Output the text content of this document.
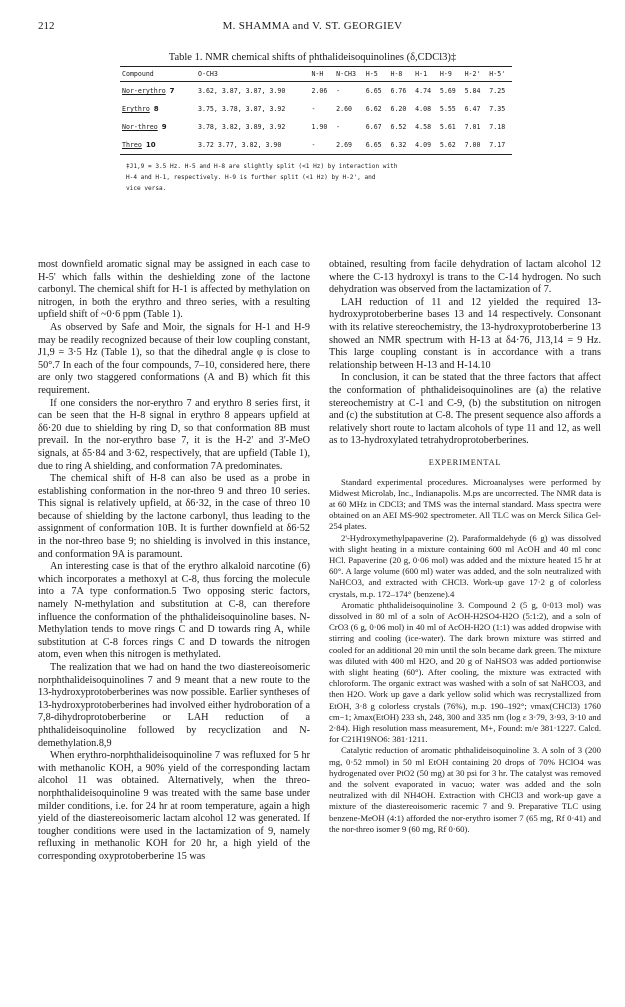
212	M. SHAMMA and V. ST. GEORGIEV
Table 1. NMR chemical shifts of phthalideisoquinolines (δ,CDCl3)‡
Compound	O-CH3	N-H	N-CH3	H-5	H-8	H-1	H-9	H-2'	H-5'
Nor-erythro 7	3.62, 3.87, 3.87, 3.90	2.06	-	6.65	6.76	4.74	5.69	5.84	7.25
Erythro 8	3.75, 3.78, 3.87, 3.92	-	2.60	6.62	6.20	4.08	5.55	6.47	7.35
Nor-threo 9	3.78, 3.82, 3.89, 3.92	1.90	-	6.67	6.52	4.58	5.61	7.01	7.18
Threo 10	3.72 3.77, 3.82, 3.90	-	2.69	6.65	6.32	4.09	5.62	7.00	7.17
‡J1,9 = 3.5 Hz. H-5 and H-8 are slightly split (<1 Hz) by interaction with
H-4 and H-1, respectively. H-9 is further split (<1 Hz) by H-2', and
vice versa.

most downfield aromatic signal may be assigned in each case to H-5' which falls within the deshielding zone of the lactone carbonyl. The chemical shift for H-1 is affected by methylation on nitrogen, in both the erythro and threo series, with a resulting upfield shift of ~0·6 ppm (Table 1).

As observed by Safe and Moir, the signals for H-1 and H-9 may be readily recognized because of their low coupling constant, J1,9 = 3·5 Hz (Table 1), so that the dihedral angle φ is close to 50°.7 In each of the four compounds, 7–10, considered here, there are only two staggered conformations (A and B) which fit this requirement.

If one considers the nor-erythro 7 and erythro 8 series first, it can be seen that the H-8 signal in erythro 8 appears upfield at δ6·20 due to shielding by ring D, so that conformation 8B must prevail. In the nor-erythro base 7, it is the H-2' and 3'-MeO signals, at δ5·84 and 3·62, respectively, that are upfield (Table 1), due to ring A shielding, and conformation 7A predominates.

The chemical shift of H-8 can also be used as a probe in establishing conformation in the nor-threo 9 and threo 10 series. This signal is relatively upfield, at δ6·32, in the case of threo 10 because of shielding by the lactone carbonyl, thus leading to the assignment of conformation 10B. It is further downfield at δ6·52 in the nor-threo base 9; no shielding is involved in this instance, and conformation 9A is paramount.

An interesting case is that of the erythro alkaloid narcotine (6) which incorporates a methoxyl at C-8, thus forcing the molecule into a 7A type conformation.5 Two opposing steric factors, namely N-methylation and substitution at C-8, can therefore influence the conformation of the phthalideisoquinoline bases. N-Methylation tends to move rings C and D towards ring A, while substitution at C-8 forces rings C and D towards the nitrogen atom, even when this nitrogen is methylated.

The realization that we had on hand the two diastereoisomeric norphthalideisoquinolines 7 and 9 meant that a new route to the 13-hydroxyprotoberberines was now possible. Earlier syntheses of 13-hydroxyprotoberberines had involved either hydroboration of a 7,8-dihydroprotoberberine or LAH reduction of a phthalideisoquinoline followed by recyclization and N-demethylation.8,9

When erythro-norphthalideisoquinoline 7 was refluxed for 5 hr with methanolic KOH, a 90% yield of the corresponding lactam alcohol 11 was obtained. Alternatively, when the threo-norphthalideisoquinoline 9 was treated with the same base under milder conditions, i.e. for 24 hr at room temperature, again a high yield of the diastereoisomeric lactam alcohol 12 was generated. If tougher conditions were used in the lactamization of 9, namely refluxing in methanolic KOH for 20 hr, a high yield of the corresponding oxyprotoberberine 15 was

obtained, resulting from facile dehydration of lactam alcohol 12 where the C-13 hydroxyl is trans to the C-14 hydrogen. No such dehydration was observed from the lactamization of 7.

LAH reduction of 11 and 12 yielded the required 13-hydroxyprotoberberine bases 13 and 14 respectively. Consonant with its relative stereochemistry, the 13-hydroxyprotoberberine 13 showed an NMR spectrum with H-13 at δ4·76, J13,14 = 9 Hz. This large coupling constant is in accordance with a trans relationship between H-13 and H-14.10

In conclusion, it can be stated that the three factors that affect the conformation of phthalideisoquinolines are (a) the relative stereochemistry at C-1 and C-9, (b) the substitution on nitrogen and (c) the substitution at C-8. The present sequence also affords a relatively short route to lactam alcohols of type 11 and 12, as well as to 13-hydroxylated tetrahydroprotoberberines.

EXPERIMENTAL

Standard experimental procedures. Microanalyses were performed by Midwest Microlab, Inc., Indianapolis. M.ps are uncorrected. The NMR data is at 60 MHz in CDCl3; and TMS was the internal standard. Mass spectra were obtained on an AEI MS-902 spectrometer. All TLC was on Merck Silica Gel-254 plates.

2'-Hydroxymethylpapaverine (2). Paraformaldehyde (6 g) was dissolved with slight heating in a mixture containing 600 ml AcOH and 40 ml conc HCl. Papaverine (20 g, 0·06 mol) was added and the mixture heated 15 hr at 60°. A large volume (600 ml) water was added, and the soln neutralized with NaHCO3, and extracted with CHCl3. Work-up gave 17·2 g of colorless crystals, m.p. 172–174° (benzene).4

Aromatic phthalideisoquinoline 3. Compound 2 (5 g, 0·013 mol) was dissolved in 80 ml of a soln of AcOH-H2SO4-H2O (5:1:2), and a soln of CrO3 (6 g, 0·06 mol) in 40 ml of AcOH-H2O (1:1) was added dropwise with stirring and cooling (ice-water). The dark brown mixture was stirred and cooled for an additional 20 min until the soln became dark green. The mixture was diluted with 400 ml H2O, and 20 g of NaHSO3 was added portionwise with slight heating (60°). After cooling, the mixture was extracted with chloroform. The organic extract was washed with a soln of sat NaHCO3, and then H2O. Work up gave a dark yellow solid which was recrystallized from EtOH, 3·8 g colorless crystals (76%), m.p. 190–192°; νmax(CHCl3) 1760 cm−1; λmax(EtOH) 233 sh, 248, 300 and 335 nm (log ε 3·79, 3·93, 3·10 and 2·84). High resolution mass measurement, M+, Found: m/e 381·1227. Calcd. for C21H19NO6: 381·1211.

Catalytic reduction of aromatic phthalideisoquinoline 3. A soln of 3 (200 mg, 0·52 mmol) in 50 ml EtOH containing 20 drops of 70% HClO4 was hydrogenated over PtO2 (50 mg) at 30 psi for 3 hr. The catalyst was removed and the solvent evaporated in vacuo; water was added and the soln neutralized with dil NH4OH. Extraction with CHCl3 and work-up gave a mixture of the diastereoisomeric racemic 7 and 9. Preparative TLC using benzene-MeOH (4:1) afforded the nor-erythro isomer 7 (65 mg, Rf 0·41) and the nor-threo isomer 9 (60 mg, Rf 0·60).
